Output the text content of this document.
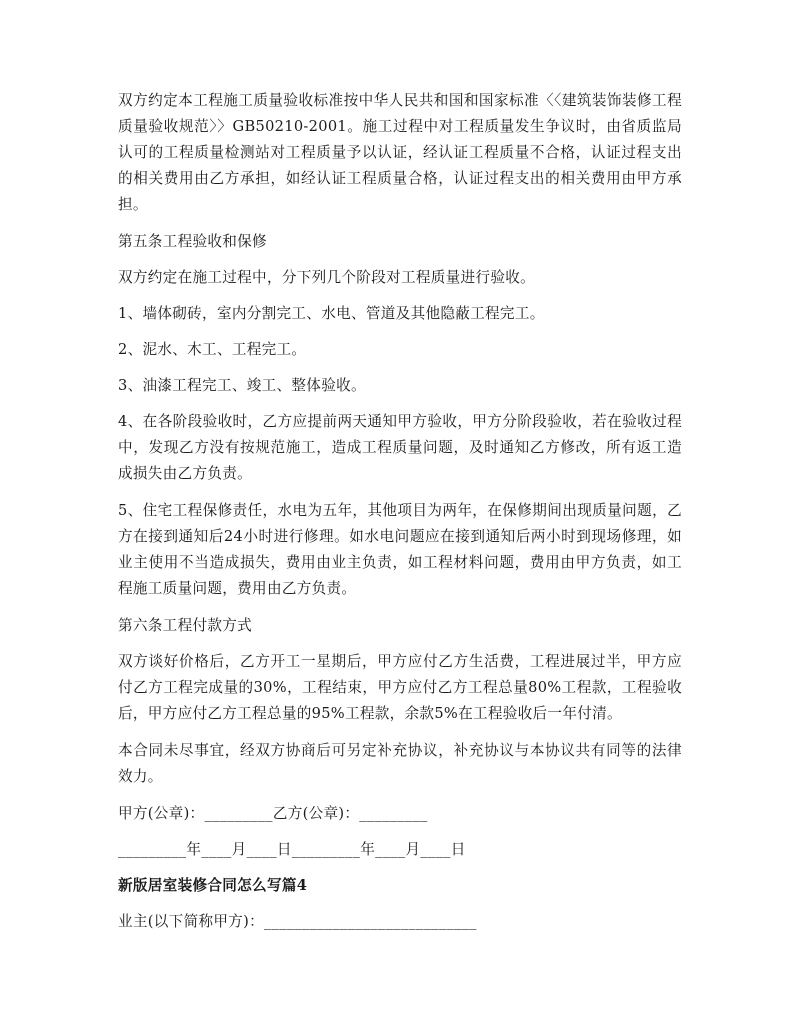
双方约定本工程施工质量验收标准按中华人民共和国和国家标准〈〈建筑装饰装修工程质量验收规范〉〉GB50210-2001。施工过程中对工程质量发生争议时，由省质监局认可的工程质量检测站对工程质量予以认证，经认证工程质量不合格，认证过程支出的相关费用由乙方承担，如经认证工程质量合格，认证过程支出的相关费用由甲方承担。

第五条工程验收和保修

双方约定在施工过程中，分下列几个阶段对工程质量进行验收。

1、墙体砌砖，室内分割完工、水电、管道及其他隐蔽工程完工。

2、泥水、木工、工程完工。

3、油漆工程完工、竣工、整体验收。

4、在各阶段验收时，乙方应提前两天通知甲方验收，甲方分阶段验收，若在验收过程中，发现乙方没有按规范施工，造成工程质量问题，及时通知乙方修改，所有返工造成损失由乙方负责。

5、住宅工程保修责任，水电为五年，其他项目为两年，在保修期间出现质量问题，乙方在接到通知后24小时进行修理。如水电问题应在接到通知后两小时到现场修理，如业主使用不当造成损失，费用由业主负责，如工程材料问题，费用由甲方负责，如工程施工质量问题，费用由乙方负责。

第六条工程付款方式

双方谈好价格后，乙方开工一星期后，甲方应付乙方生活费，工程进展过半，甲方应付乙方工程完成量的30%，工程结束，甲方应付乙方工程总量80%工程款，工程验收后，甲方应付乙方工程总量的95%工程款，余款5%在工程验收后一年付清。

本合同未尽事宜，经双方协商后可另定补充协议，补充协议与本协议共有同等的法律效力。

甲方(公章)：_________乙方(公章)：_________

_________年____月____日_________年____月____日

新版居室装修合同怎么写篇4

业主(以下简称甲方)：____________________________
